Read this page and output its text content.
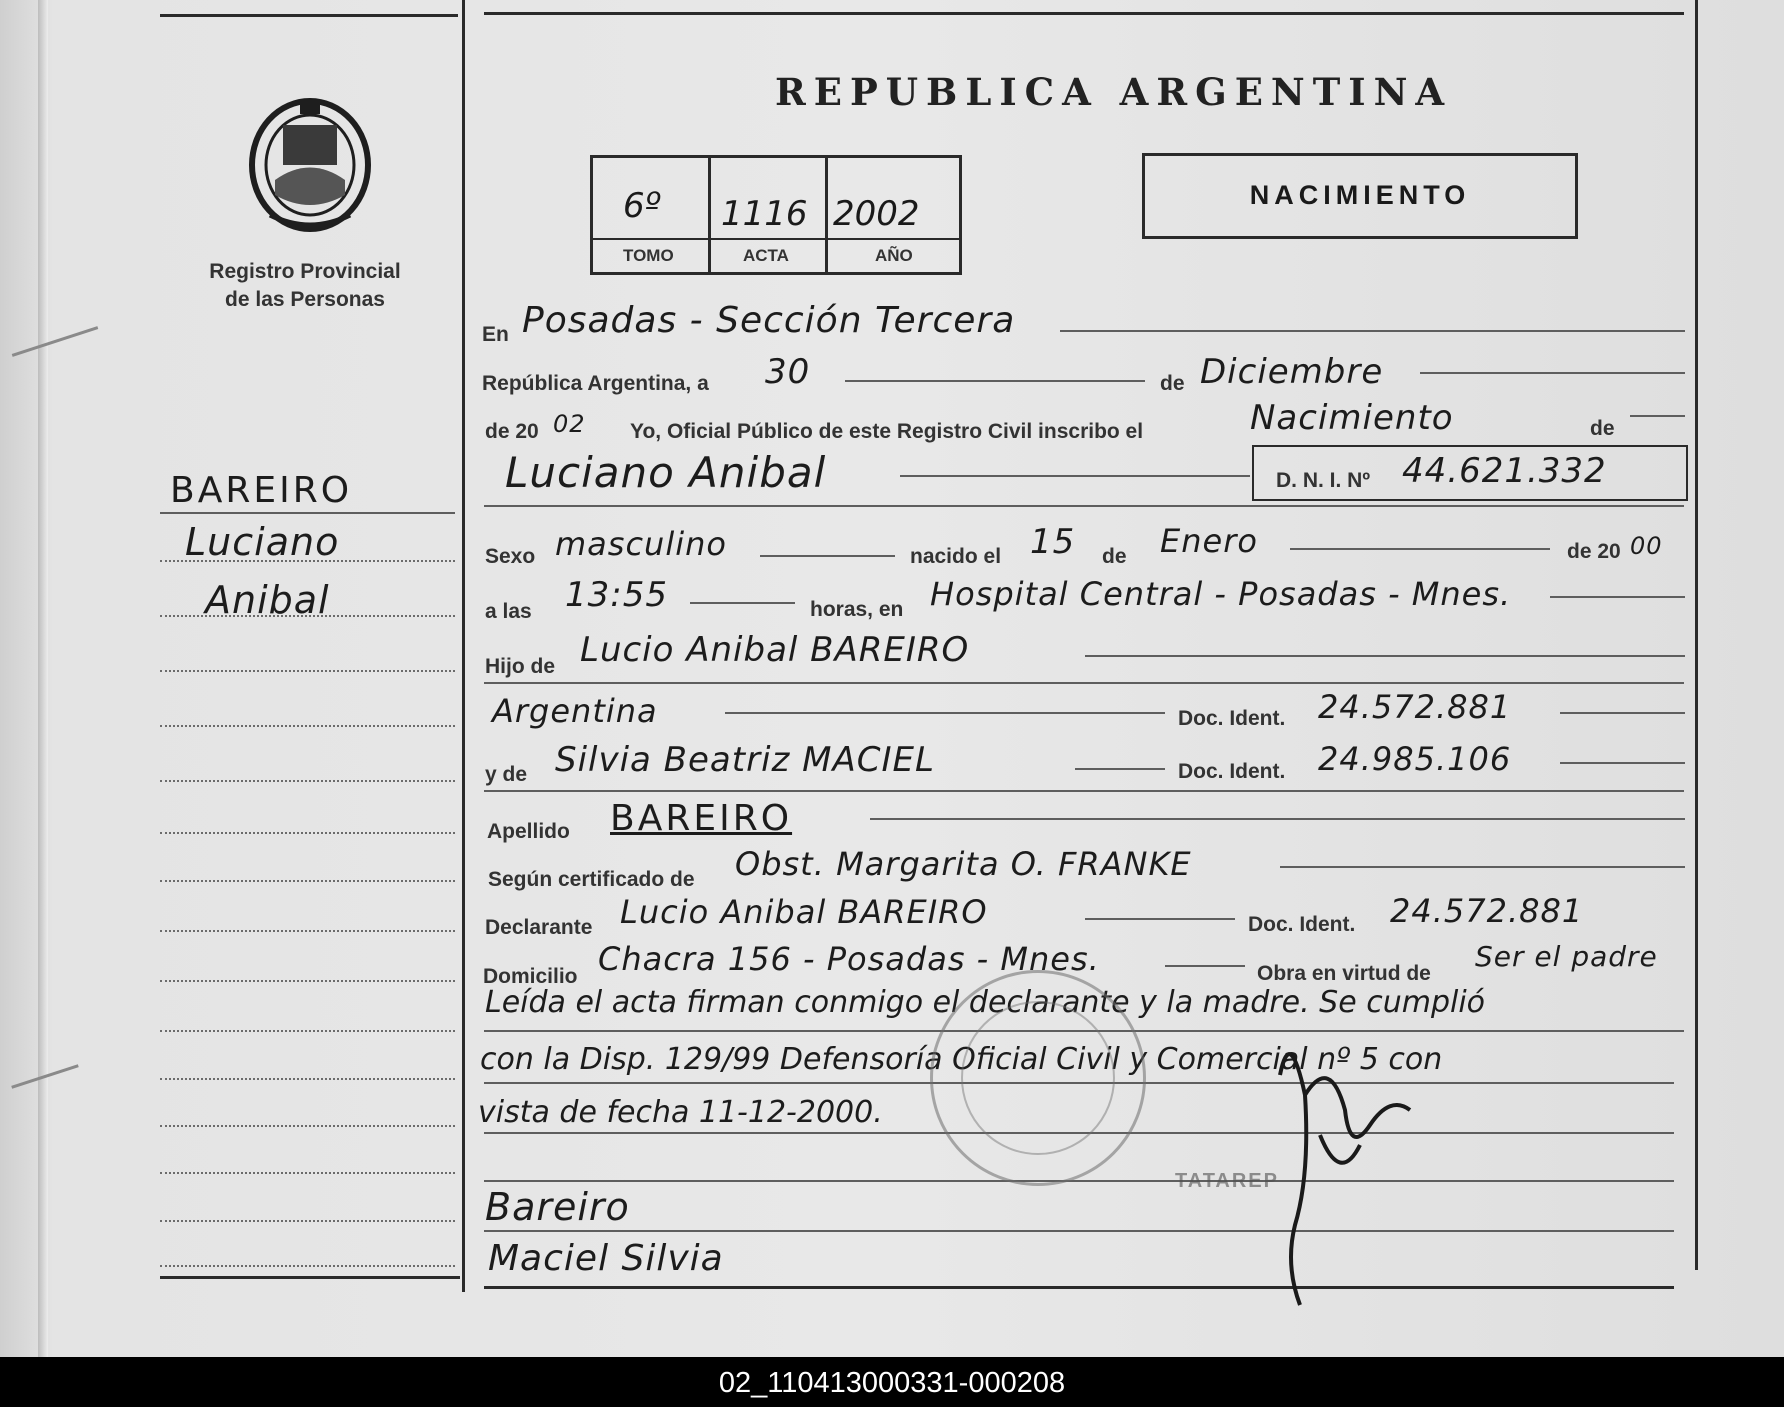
Registro Provincial
de las Personas
BAREIRO
Luciano
Anibal
REPUBLICA ARGENTINA
6º 1116 2002
TOMO	ACTA	AÑO
NACIMIENTO
En Posadas - Sección Tercera
República Argentina, a 30	de Diciembre
de 20 02 Yo, Oficial Público de este Registro Civil inscribo el	Nacimiento	de
Luciano Anibal	D. N. I. Nº 44.621.332
Sexo masculino	nacido el 15 de Enero	de 20 00
a las 13:55	horas, en Hospital Central - Posadas - Mnes.
Hijo de Lucio Anibal BAREIRO
Argentina	Doc. Ident. 24.572.881
y de Silvia Beatriz MACIEL	Doc. Ident. 24.985.106
Apellido BAREIRO
Según certificado de Obst. Margarita O. FRANKE
Declarante Lucio Anibal BAREIRO	Doc. Ident. 24.572.881
Domicilio Chacra 156 - Posadas - Mnes.	Obra en virtud de
Ser el padre
Leída el acta firman conmigo el declarante y la madre. Se cumplió
con la Disp. 129/99 Defensoría Oficial Civil y Comercial nº 5 con
vista de fecha 11-12-2000.
TATAREP
Bareiro
Maciel Silvia
02_110413000331-000208
